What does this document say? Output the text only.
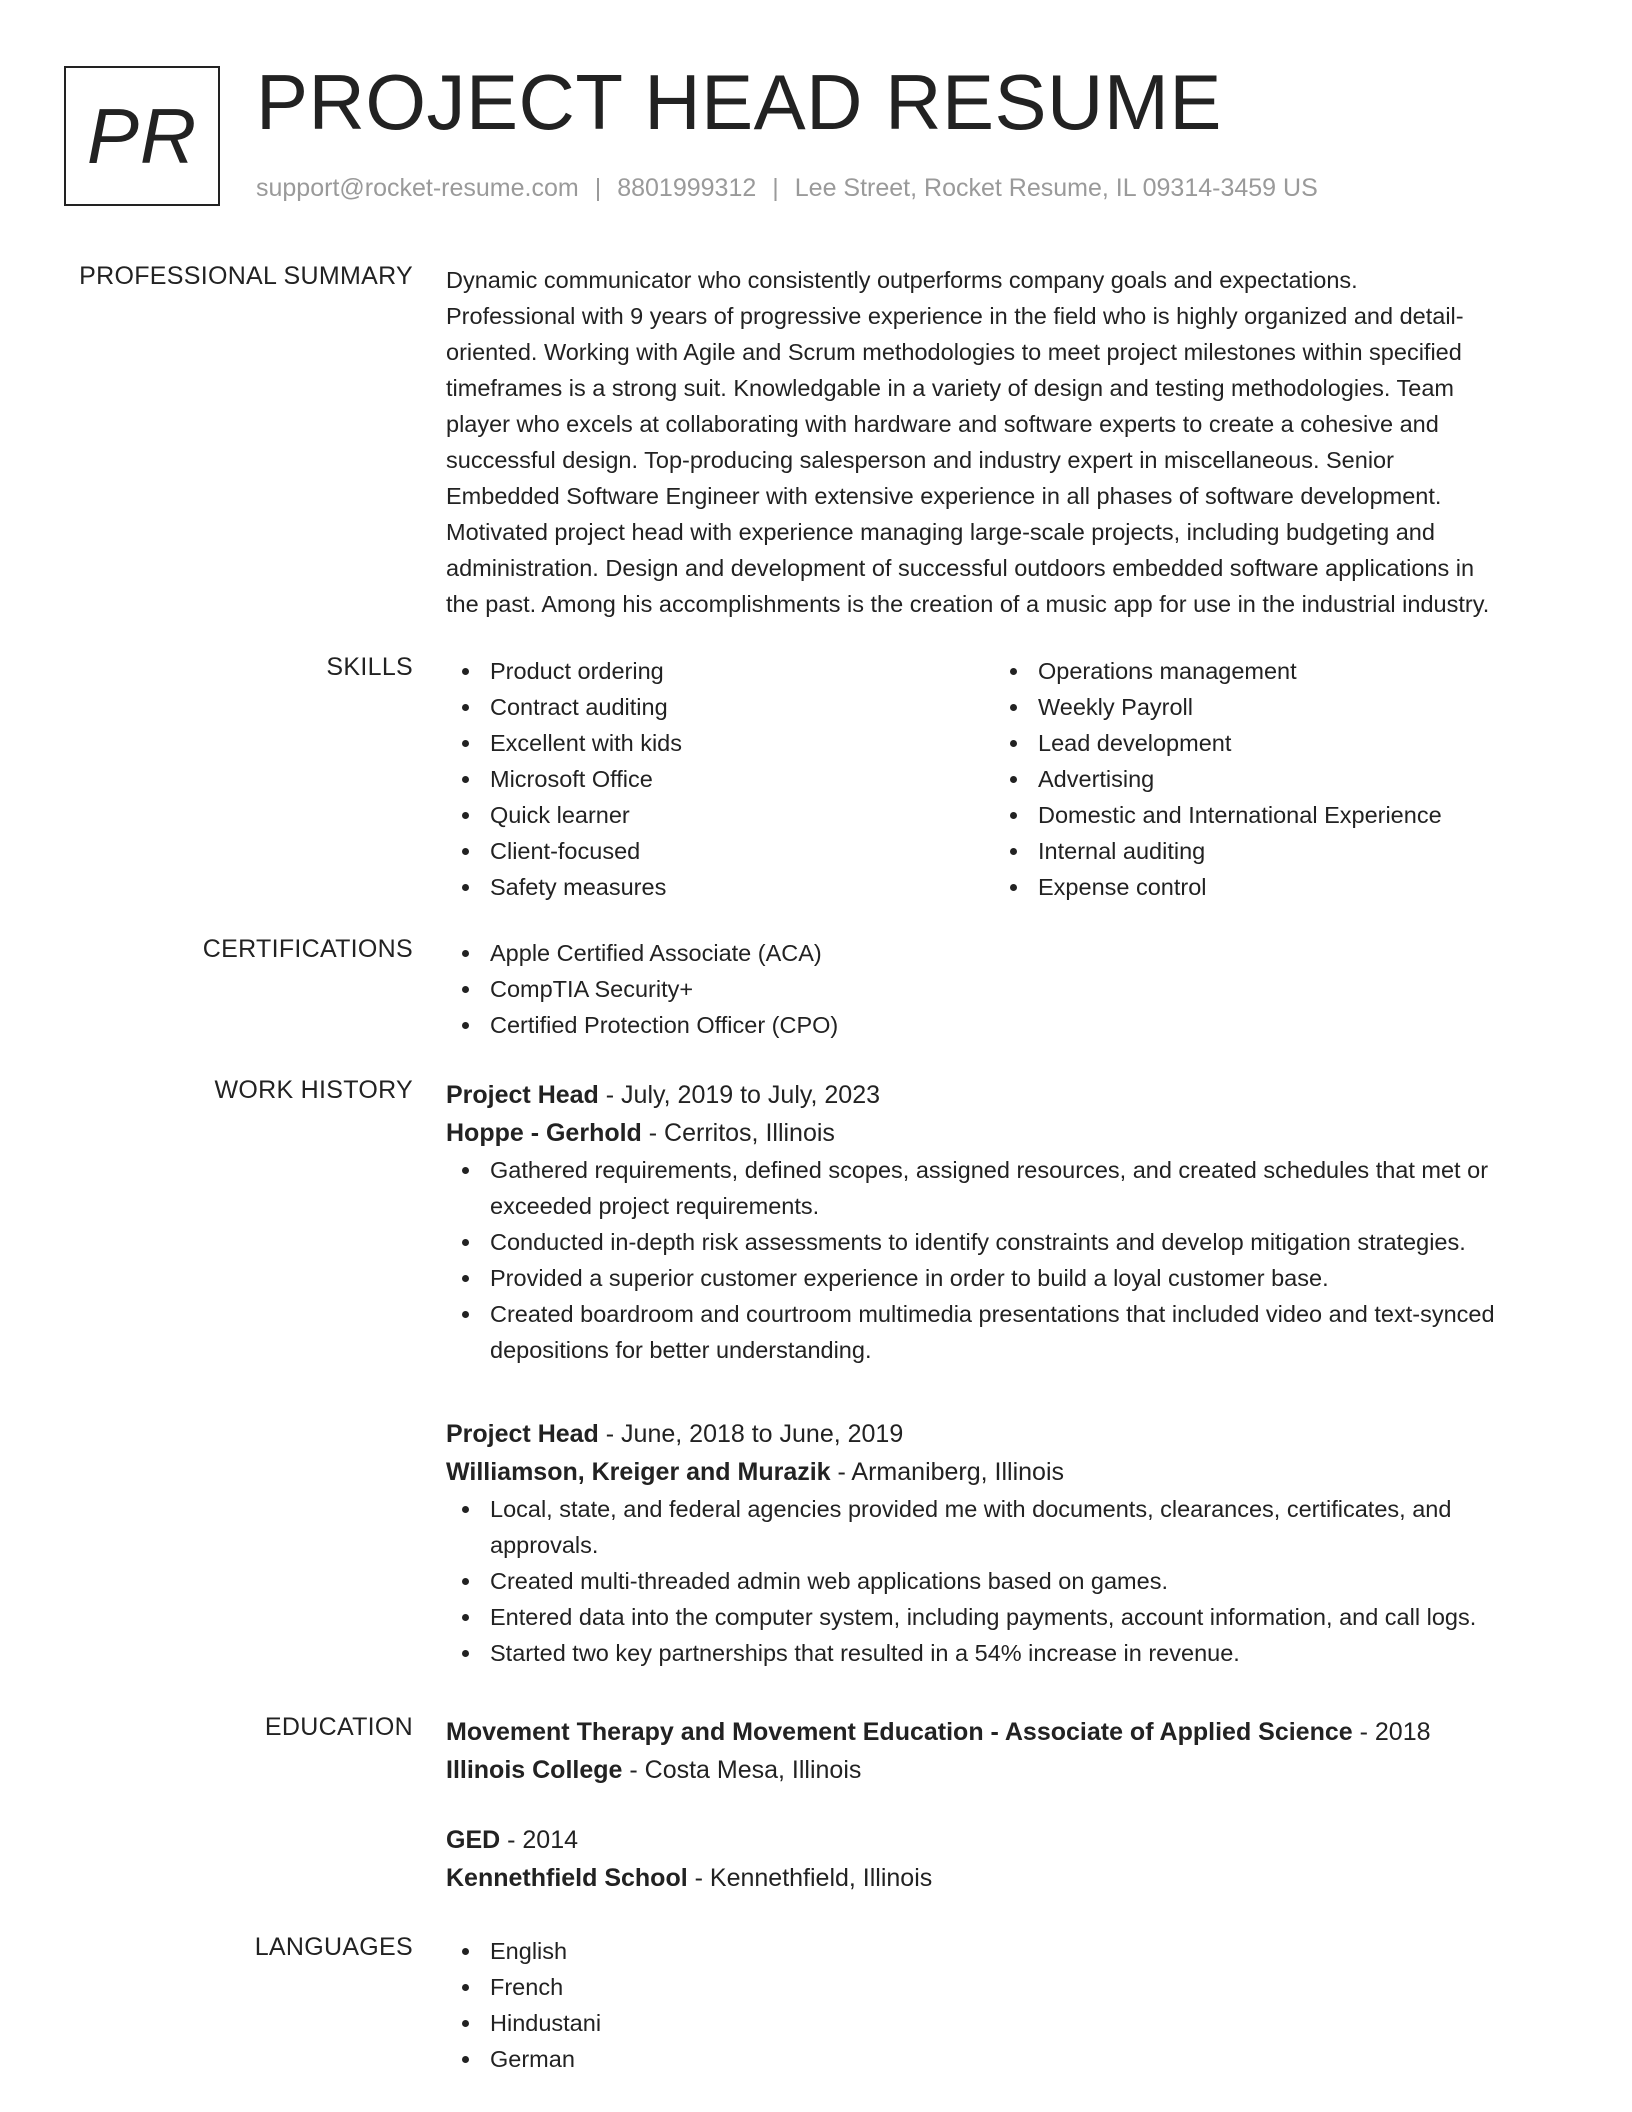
PR PROJECT HEAD RESUME
support@rocket-resume.com | 8801999312 | Lee Street, Rocket Resume, IL 09314-3459 US
PROFESSIONAL SUMMARY Dynamic communicator who consistently outperforms company goals and expectations.
Professional with 9 years of progressive experience in the field who is highly organized and detail-
oriented. Working with Agile and Scrum methodologies to meet project milestones within specified
timeframes is a strong suit. Knowledgable in a variety of design and testing methodologies. Team
player who excels at collaborating with hardware and software experts to create a cohesive and
successful design. Top-producing salesperson and industry expert in miscellaneous. Senior
Embedded Software Engineer with extensive experience in all phases of software development.
Motivated project head with experience managing large-scale projects, including budgeting and
administration. Design and development of successful outdoors embedded software applications in
the past. Among his accomplishments is the creation of a music app for use in the industrial industry.
SKILLS	Product ordering
Contract auditing
Excellent with kids
Microsoft Office
Quick learner
Client-focused
Safety measures
Operations management
Weekly Payroll
Lead development
Advertising
Domestic and International Experience
Internal auditing
Expense control
CERTIFICATIONS	Apple Certified Associate (ACA)
CompTIA Security+
Certified Protection Officer (CPO)
WORK HISTORY Project Head - July, 2019 to July, 2023
Hoppe - Gerhold - Cerritos, Illinois
Gathered requirements, defined scopes, assigned resources, and created schedules that met or exceeded project requirements.
Conducted in-depth risk assessments to identify constraints and develop mitigation strategies.
Provided a superior customer experience in order to build a loyal customer base.
Created boardroom and courtroom multimedia presentations that included video and text-synced depositions for better understanding.
Project Head - June, 2018 to June, 2019
Williamson, Kreiger and Murazik - Armaniberg, Illinois
Local, state, and federal agencies provided me with documents, clearances, certificates, and approvals.
Created multi-threaded admin web applications based on games.
Entered data into the computer system, including payments, account information, and call logs.
Started two key partnerships that resulted in a 54% increase in revenue.
EDUCATION Movement Therapy and Movement Education - Associate of Applied Science - 2018
Illinois College - Costa Mesa, Illinois
GED - 2014
Kennethfield School - Kennethfield, Illinois
LANGUAGES	English
French
Hindustani
German
